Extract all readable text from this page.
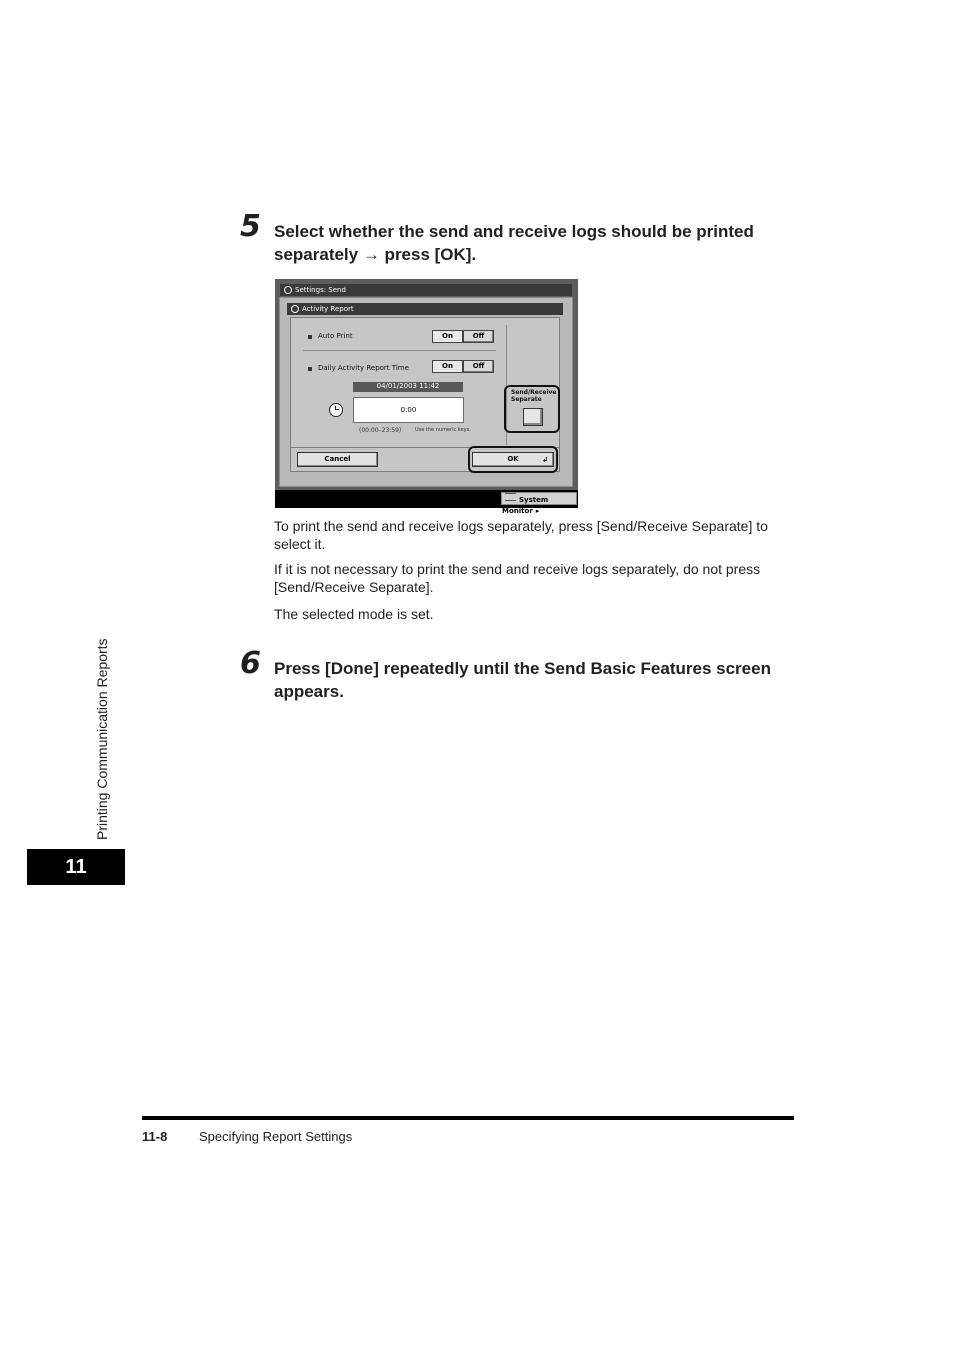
5 Select whether the send and receive logs should be printed separately → press [OK].
Settings: Send
Activity Report
Auto Print	On	Off
Daily Activity Report Time	On	Off
04/01/2003 11:42
0:00
(00:00–23:59)	Use the numeric keys.
Send/Receive Separate
Cancel	OK	↲
System Monitor ▸
To print the send and receive logs separately, press [Send/Receive Separate] to select it.
If it is not necessary to print the send and receive logs separately, do not press [Send/Receive Separate].
The selected mode is set.
6 Press [Done] repeatedly until the Send Basic Features screen appears.
Printing Communication Reports
11
11-8 Specifying Report Settings
